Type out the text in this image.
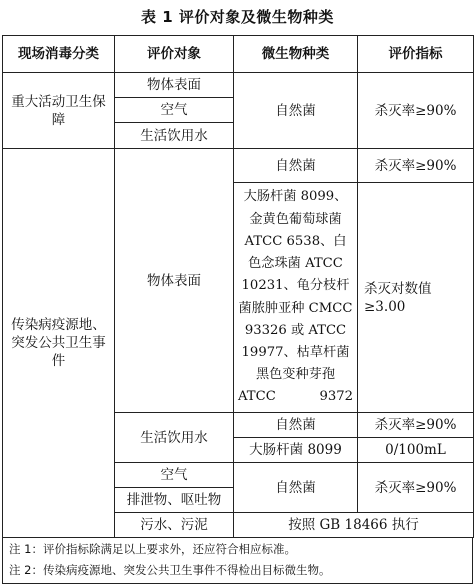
表 1 评价对象及微生物种类
现场消毒分类	评价对象	微生物种类	评价指标
重大活动卫生保障	物体表面	自然菌	杀灭率≥90%
	空气		
	生活饮用水		
传染病疫源地、突发公共卫生事件	物体表面	自然菌	杀灭率≥90%
		大肠杆菌 8099、金黄色葡萄球菌 ATCC 6538、白色念珠菌 ATCC 10231、龟分枝杆菌脓肿亚种 CMCC 93326 或 ATCC 19977、枯草杆菌黑色变种芽孢 ATCC 9372	杀灭对数值≥3.00
	生活饮用水	自然菌	杀灭率≥90%
		大肠杆菌 8099	0/100mL
	空气	自然菌	杀灭率≥90%
	排泄物、呕吐物		
	污水、污泥	按照 GB 18466 执行	
注 1：评价指标除满足以上要求外，还应符合相应标准。
注 2：传染病疫源地、突发公共卫生事件不得检出目标微生物。
